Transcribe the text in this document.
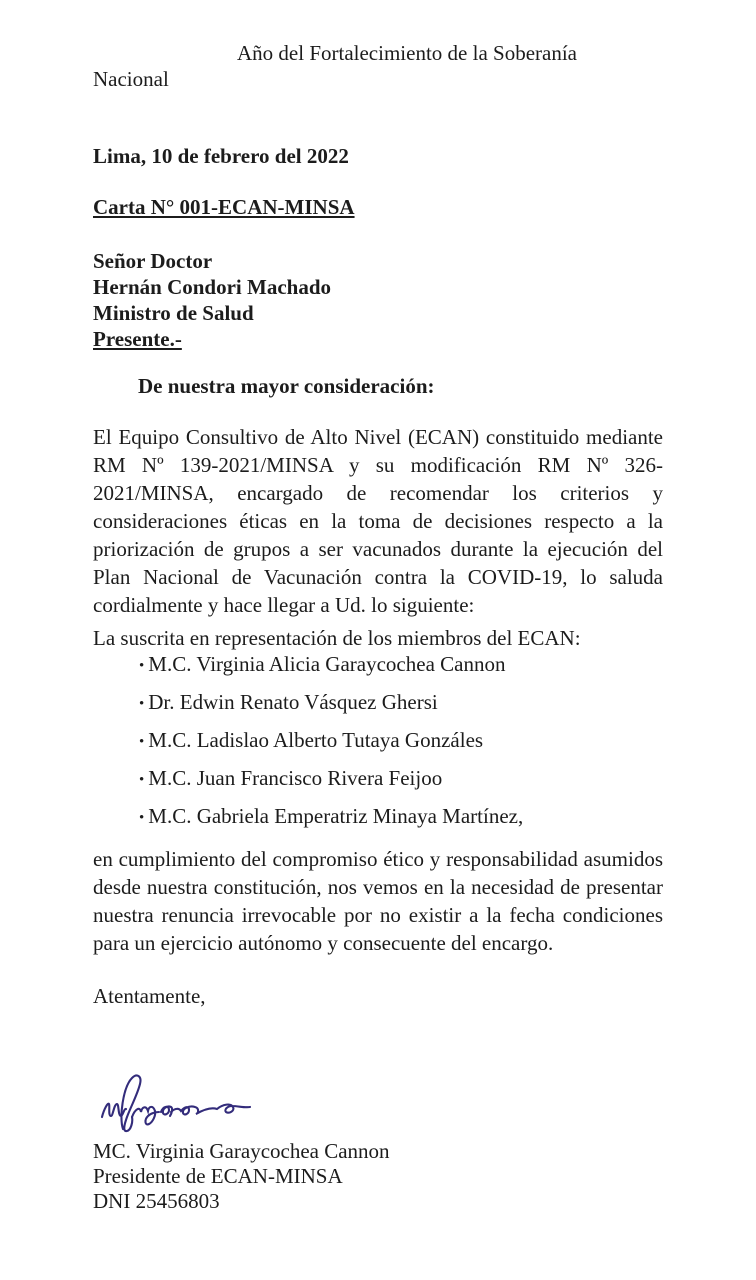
Año del Fortalecimiento de la Soberanía

Nacional

Lima, 10 de febrero del 2022

Carta N° 001-ECAN-MINSA

Señor Doctor

Hernán Condori Machado

Ministro de Salud

Presente.-

De nuestra mayor consideración:

El Equipo Consultivo de Alto Nivel (ECAN) constituido mediante RM Nº 139-2021/MINSA y su modificación RM Nº 326-2021/MINSA, encargado de recomendar los criterios y consideraciones éticas en la toma de decisiones respecto a la priorización de grupos a ser vacunados durante la ejecución del Plan Nacional de Vacunación contra la COVID-19, lo saluda cordialmente y hace llegar a Ud. lo siguiente:

La suscrita en representación de los miembros del ECAN:

• M.C. Virginia Alicia Garaycochea Cannon
• Dr. Edwin Renato Vásquez Ghersi
• M.C. Ladislao Alberto Tutaya Gonzáles
• M.C. Juan Francisco Rivera Feijoo
• M.C. Gabriela Emperatriz Minaya Martínez,

en cumplimiento del compromiso ético y responsabilidad asumidos desde nuestra constitución, nos vemos en la necesidad de presentar nuestra renuncia irrevocable por no existir a la fecha condiciones para un ejercicio autónomo y consecuente del encargo.

Atentamente,

MC. Virginia Garaycochea Cannon

Presidente de ECAN-MINSA

DNI 25456803
